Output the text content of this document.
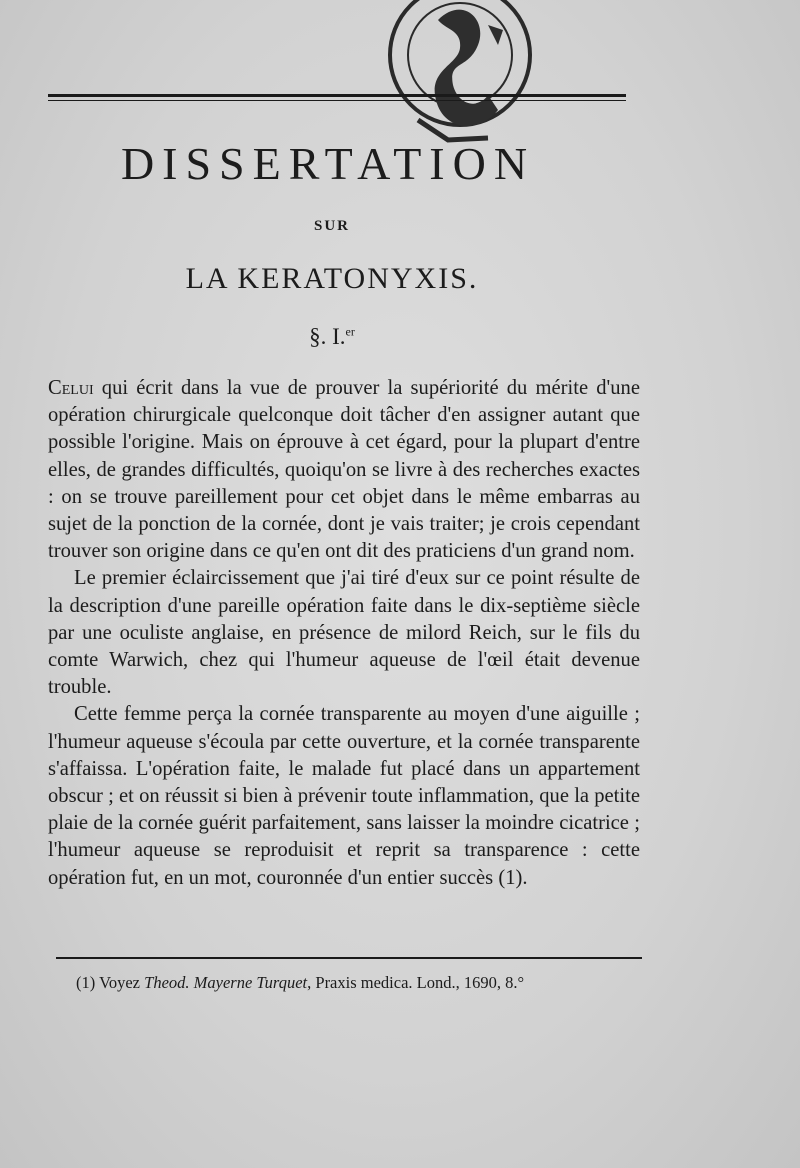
DISSERTATION
SUR
LA KERATONYXIS.
§. I.$^{er}$

Celui qui écrit dans la vue de prouver la supériorité du mérite d'une opération chirurgicale quelconque doit tâcher d'en assigner autant que possible l'origine. Mais on éprouve à cet égard, pour la plupart d'entre elles, de grandes difficultés, quoiqu'on se livre à des recherches exactes : on se trouve pareillement pour cet objet dans le même embarras au sujet de la ponction de la cornée, dont je vais traiter; je crois cependant trouver son origine dans ce qu'en ont dit des praticiens d'un grand nom.

Le premier éclaircissement que j'ai tiré d'eux sur ce point résulte de la description d'une pareille opération faite dans le dix-septième siècle par une oculiste anglaise, en présence de milord Reich, sur le fils du comte Warwich, chez qui l'humeur aqueuse de l'œil était devenue trouble.

Cette femme perça la cornée transparente au moyen d'une aiguille ; l'humeur aqueuse s'écoula par cette ouverture, et la cornée transparente s'affaissa. L'opération faite, le malade fut placé dans un appartement obscur ; et on réussit si bien à prévenir toute inflammation, que la petite plaie de la cornée guérit parfaitement, sans laisser la moindre cicatrice ; l'humeur aqueuse se reproduisit et reprit sa transparence : cette opération fut, en un mot, couronnée d'un entier succès (1).

(1) Voyez Theod. Mayerne Turquet, Praxis medica. Lond., 1690, 8.°
